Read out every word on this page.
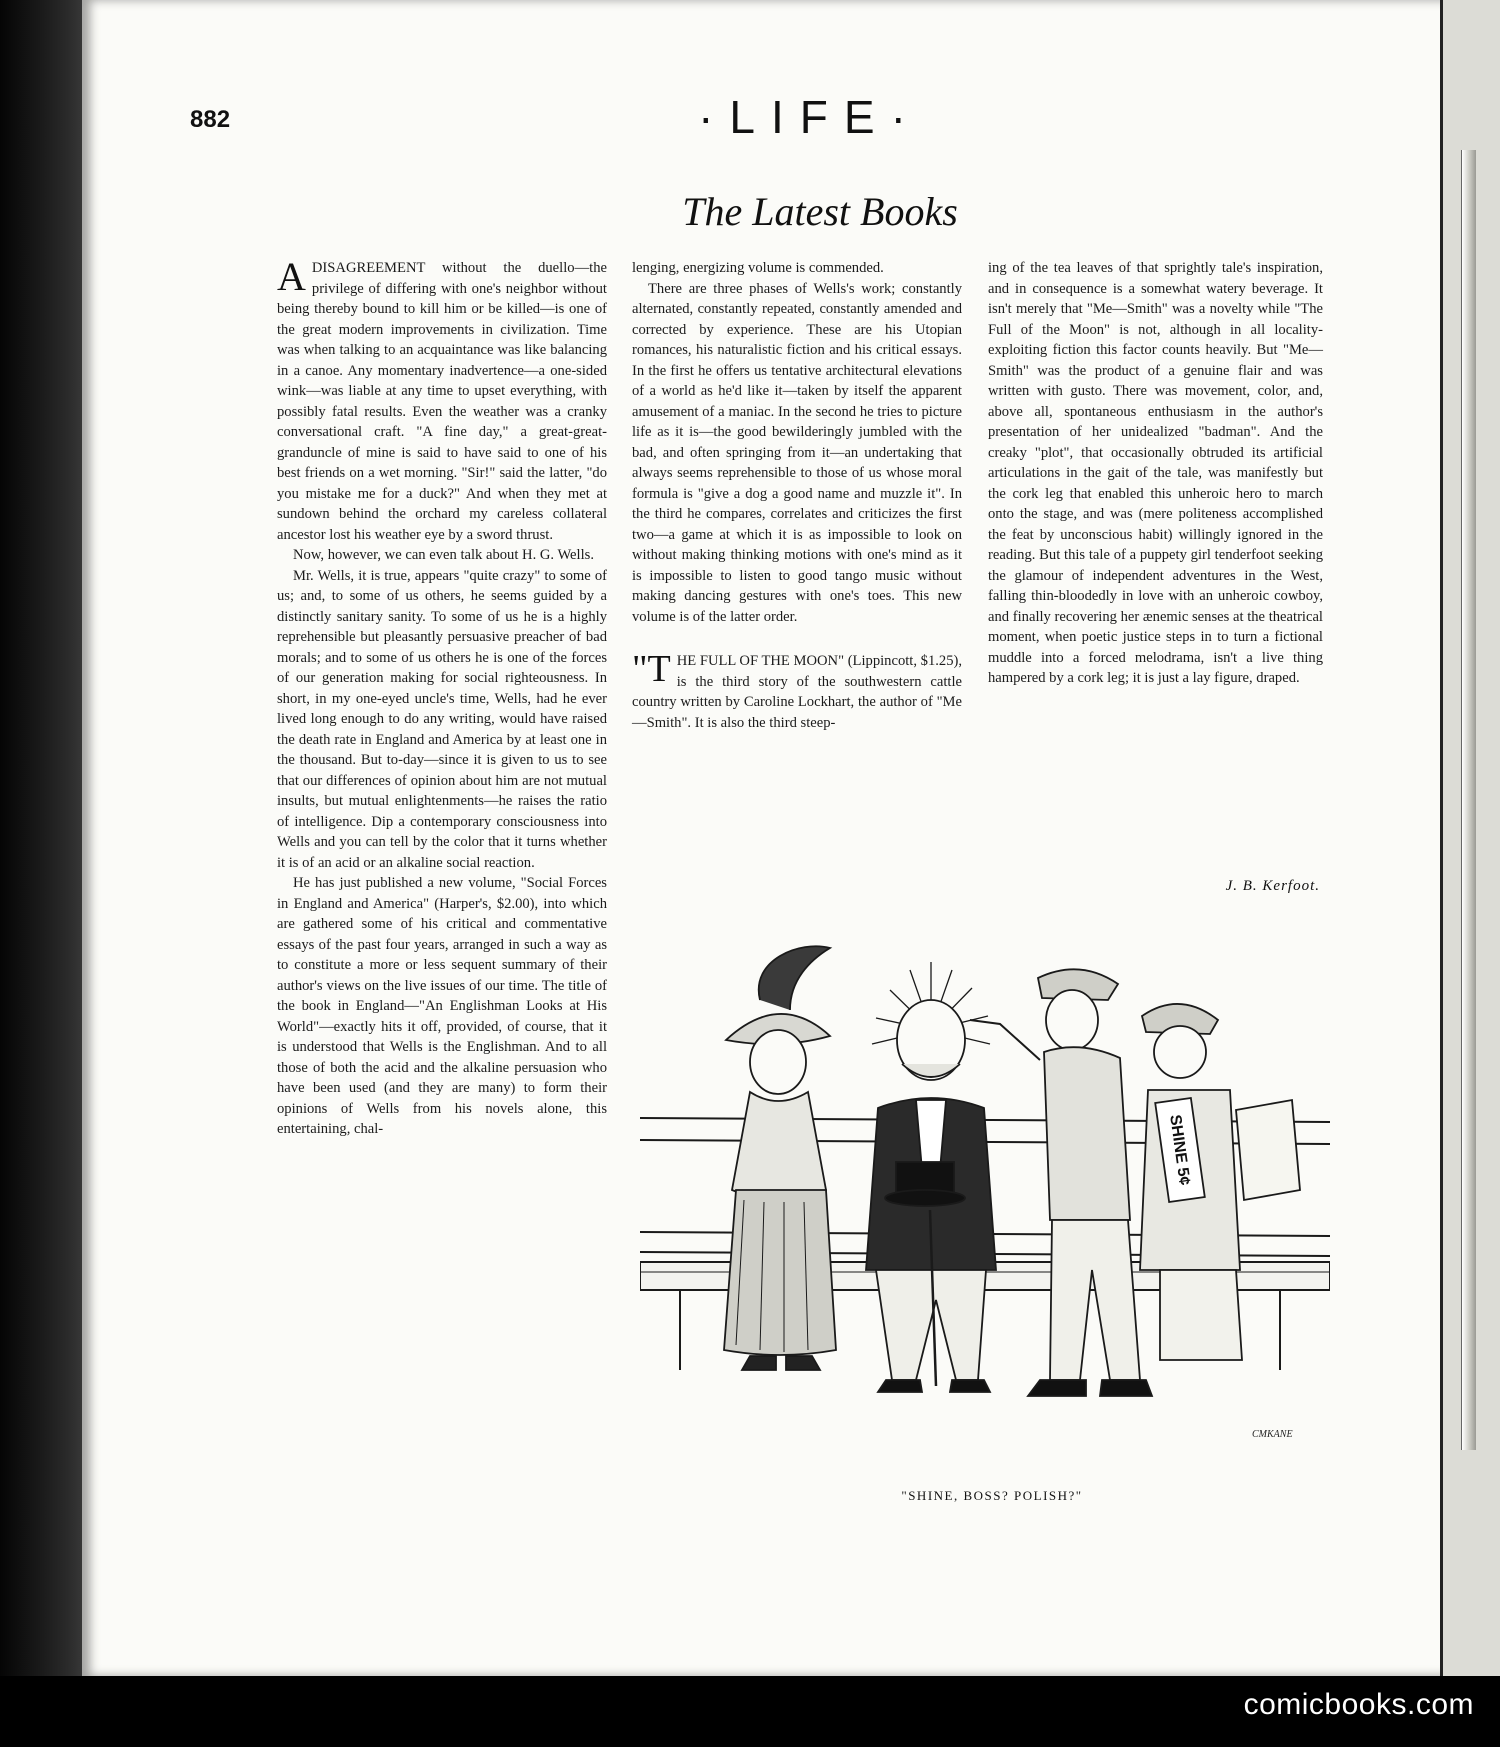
comicbooks.com
882	·LIFE·
The Latest Books

ADISAGREEMENT without the duello—the privilege of differing with one's neighbor without being thereby bound to kill him or be killed—is one of the great modern improvements in civilization. Time was when talking to an acquaintance was like balancing in a canoe. Any momentary inadvertence—a one-sided wink—was liable at any time to upset everything, with possibly fatal results. Even the weather was a cranky conversational craft. "A fine day," a great-great-granduncle of mine is said to have said to one of his best friends on a wet morning. "Sir!" said the latter, "do you mistake me for a duck?" And when they met at sundown behind the orchard my careless collateral ancestor lost his weather eye by a sword thrust.

Now, however, we can even talk about H. G. Wells.

Mr. Wells, it is true, appears "quite crazy" to some of us; and, to some of us others, he seems guided by a distinctly sanitary sanity. To some of us he is a highly reprehensible but pleasantly persuasive preacher of bad morals; and to some of us others he is one of the forces of our generation making for social righteousness. In short, in my one-eyed uncle's time, Wells, had he ever lived long enough to do any writing, would have raised the death rate in England and America by at least one in the thousand. But to-day—since it is given to us to see that our differences of opinion about him are not mutual insults, but mutual enlightenments—he raises the ratio of intelligence. Dip a contemporary consciousness into Wells and you can tell by the color that it turns whether it is of an acid or an alkaline social reaction.

He has just published a new volume, "Social Forces in England and America" (Harper's, $2.00), into which are gathered some of his critical and commentative essays of the past four years, arranged in such a way as to constitute a more or less sequent summary of their author's views on the live issues of our time. The title of the book in England—"An Englishman Looks at His World"—exactly hits it off, provided, of course, that it is understood that Wells is the Englishman. And to all those of both the acid and the alkaline persuasion who have been used (and they are many) to form their opinions of Wells from his novels alone, this entertaining, chal-

lenging, energizing volume is commended.

There are three phases of Wells's work; constantly alternated, constantly repeated, constantly amended and corrected by experience. These are his Utopian romances, his naturalistic fiction and his critical essays. In the first he offers us tentative architectural elevations of a world as he'd like it—taken by itself the apparent amusement of a maniac. In the second he tries to picture life as it is—the good bewilderingly jumbled with the bad, and often springing from it—an undertaking that always seems reprehensible to those of us whose moral formula is "give a dog a good name and muzzle it". In the third he compares, correlates and criticizes the first two—a game at which it is as impossible to look on without making thinking motions with one's mind as it is impossible to listen to good tango music without making dancing gestures with one's toes. This new volume is of the latter order.

"THE FULL OF THE MOON" (Lippincott, $1.25), is the third story of the southwestern cattle country written by Caroline Lockhart, the author of "Me—Smith". It is also the third steep-

ing of the tea leaves of that sprightly tale's inspiration, and in consequence is a somewhat watery beverage. It isn't merely that "Me—Smith" was a novelty while "The Full of the Moon" is not, although in all locality-exploiting fiction this factor counts heavily. But "Me—Smith" was the product of a genuine flair and was written with gusto. There was movement, color, and, above all, spontaneous enthusiasm in the author's presentation of her unidealized "badman". And the creaky "plot", that occasionally obtruded its artificial articulations in the gait of the tale, was manifestly but the cork leg that enabled this unheroic hero to march onto the stage, and was (mere politeness accomplished the feat by unconscious habit) willingly ignored in the reading. But this tale of a puppety girl tenderfoot seeking the glamour of independent adventures in the West, falling thin-bloodedly in love with an unheroic cowboy, and finally recovering her ænemic senses at the theatrical moment, when poetic justice steps in to turn a fictional muddle into a forced melodrama, isn't a live thing hampered by a cork leg; it is just a lay figure, draped.

J. B. Kerfoot.
SHINE 5¢
CMKANE
"SHINE, BOSS? POLISH?"
